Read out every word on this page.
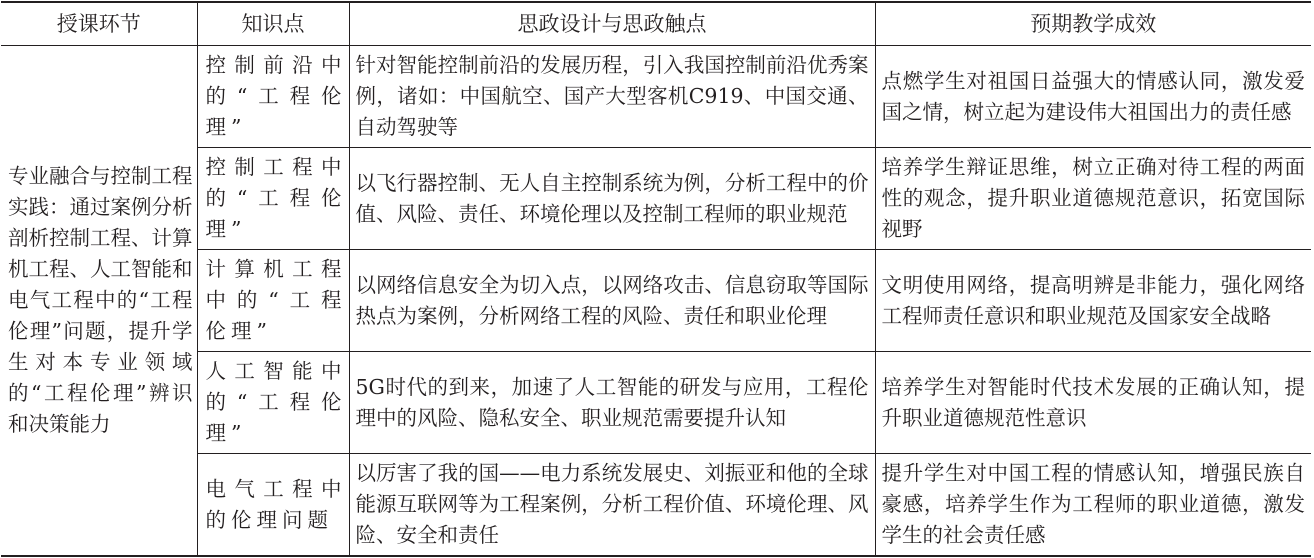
授课环节	知识点	思政设计与思政触点	预期教学成效
专业融合与控制工程实践：通过案例分析剖析控制工程、计算机工程、人工智能和电气工程中的“工程伦理”问题，提升学生对本专业领域的“工程伦理”辨识和决策能力	控制前沿中的“工程伦理”	针对智能控制前沿的发展历程，引入我国控制前沿优秀案例，诸如：中国航空、国产大型客机C919、中国交通、自动驾驶等	点燃学生对祖国日益强大的情感认同，激发爱国之情，树立起为建设伟大祖国出力的责任感
	控制工程中的“工程伦理”	以飞行器控制、无人自主控制系统为例，分析工程中的价值、风险、责任、环境伦理以及控制工程师的职业规范	培养学生辩证思维，树立正确对待工程的两面性的观念，提升职业道德规范意识，拓宽国际视野
	计算机工程中的“工程伦理”	以网络信息安全为切入点，以网络攻击、信息窃取等国际热点为案例，分析网络工程的风险、责任和职业伦理	文明使用网络，提高明辨是非能力，强化网络工程师责任意识和职业规范及国家安全战略
	人工智能中的“工程伦理”	5G时代的到来，加速了人工智能的研发与应用，工程伦理中的风险、隐私安全、职业规范需要提升认知	培养学生对智能时代技术发展的正确认知，提升职业道德规范性意识
	电气工程中的伦理问题	以厉害了我的国——电力系统发展史、刘振亚和他的全球能源互联网等为工程案例，分析工程价值、环境伦理、风险、安全和责任	提升学生对中国工程的情感认知，增强民族自豪感，培养学生作为工程师的职业道德，激发学生的社会责任感
